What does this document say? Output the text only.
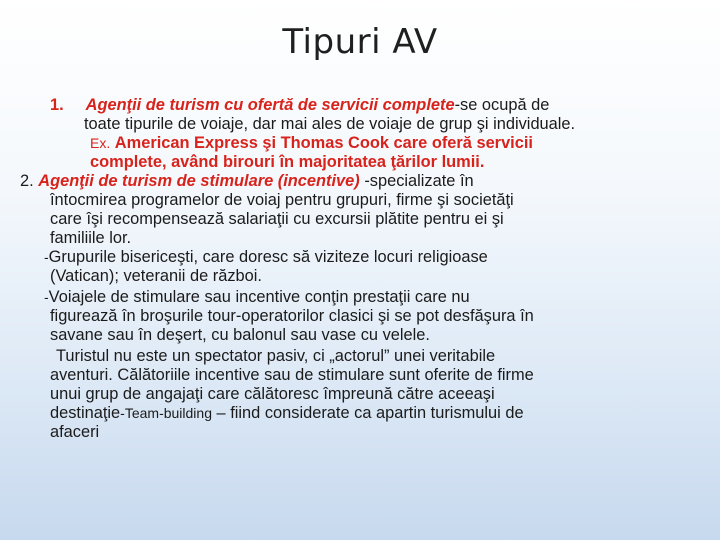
Tipuri AV
1. Agenţii de turism cu ofertă de servicii complete-se ocupă de
toate tipurile de voiaje, dar mai ales de voiaje de grup şi individuale.
Ex. American Express şi Thomas Cook care oferă servicii
complete, având birouri în majoritatea ţărilor lumii.
2. Agenţii de turism de stimulare (incentive) -specializate în
întocmirea programelor de voiaj pentru grupuri, firme şi societăţi
care îşi recompensează salariaţii cu excursii plătite pentru ei şi
familiile lor.
-Grupurile bisericeşti, care doresc să viziteze locuri religioase
(Vatican); veteranii de război.
-Voiajele de stimulare sau incentive conţin prestaţii care nu
figurează în broşurile tour-operatorilor clasici şi se pot desfăşura în
savane sau în deşert, cu balonul sau vase cu velele.
Turistul nu este un spectator pasiv, ci „actorul” unei veritabile
aventuri. Călătoriile incentive sau de stimulare sunt oferite de firme
unui grup de angajaţi care călătoresc împreună către aceeaşi
destinaţie-Team-building – fiind considerate ca apartin turismului de
afaceri
